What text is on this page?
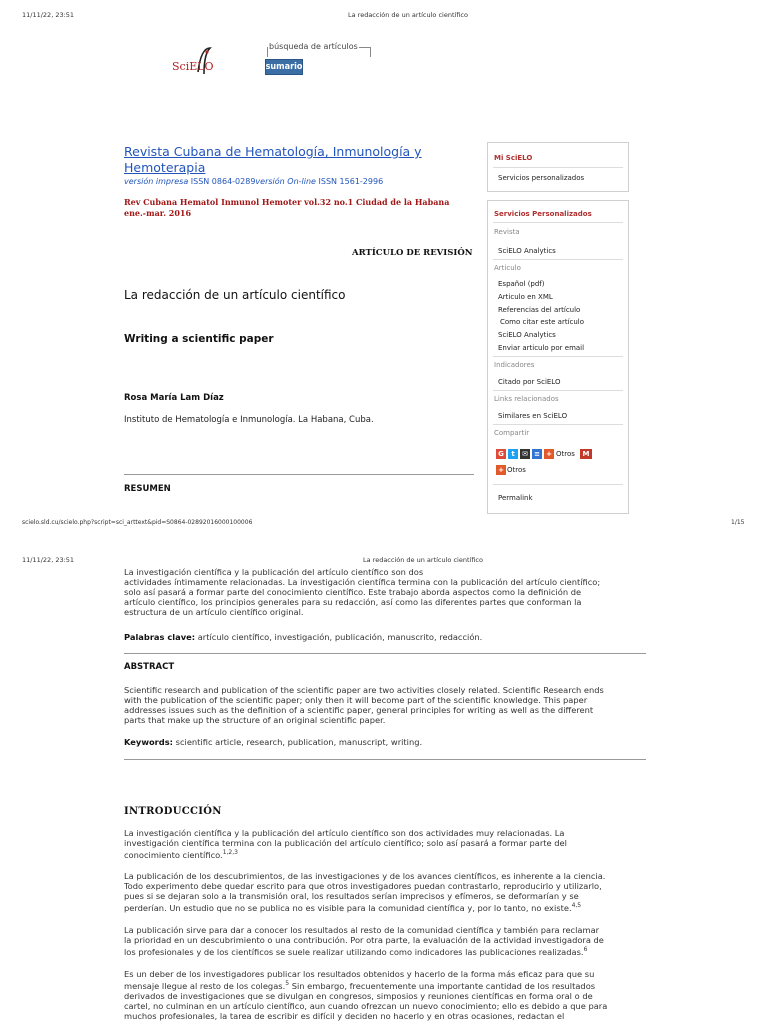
11/11/22, 23:51	La redacción de un artículo científico
SciELO
búsqueda de artículos
sumario
Revista Cubana de Hematología, Inmunología y Hemoterapia
versión impresa ISSN 0864-0289versión On-line ISSN 1561-2996
Rev Cubana Hematol Inmunol Hemoter vol.32 no.1 Ciudad de la Habana ene.-mar. 2016
ARTÍCULO DE REVISIÓN
La redacción de un artículo científico
Writing a scientific paper
Rosa María Lam Díaz
Instituto de Hematología e Inmunología. La Habana, Cuba.
RESUMEN
Mi SciELO
Servicios personalizados
Servicios Personalizados
Revista
SciELO Analytics
Articulo
Español (pdf)
Articulo en XML
Referencias del artículo
Como citar este artículo
SciELO Analytics
Enviar articulo por email
Indicadores
Citado por SciELO
Links relacionados
Similares en SciELO
Compartir
G	t	✉ ≡ + Otros	M
+ Otros
Permalink
scielo.sld.cu/scielo.php?script=sci_arttext&pid=S0864-02892016000100006	1/15
11/11/22, 23:51	La redacción de un artículo científico
La investigación científica y la publicación del artículo científico son dos
actividades íntimamente relacionadas. La investigación científica termina con la publicación del artículo científico;
solo así pasará a formar parte del conocimiento científico. Este trabajo aborda aspectos como la definición de
artículo científico, los principios generales para su redacción, así como las diferentes partes que conforman la
estructura de un artículo científico original.
Palabras clave: artículo científico, investigación, publicación, manuscrito, redacción.
ABSTRACT
Scientific research and publication of the scientific paper are two activities closely related. Scientific Research ends
with the publication of the scientific paper; only then it will become part of the scientific knowledge. This paper
addresses issues such as the definition of a scientific paper, general principles for writing as well as the different
parts that make up the structure of an original scientific paper.
Keywords: scientific article, research, publication, manuscript, writing.
INTRODUCCIÓN
La investigación científica y la publicación del artículo científico son dos actividades muy relacionadas. La
investigación científica termina con la publicación del artículo científico; solo así pasará a formar parte del
conocimiento científico.$^{1,2,3}$
La publicación de los descubrimientos, de las investigaciones y de los avances científicos, es inherente a la ciencia.
Todo experimento debe quedar escrito para que otros investigadores puedan contrastarlo, reproducirlo y utilizarlo,
pues si se dejaran solo a la transmisión oral, los resultados serían imprecisos y efímeros, se deformarían y se
perderían. Un estudio que no se publica no es visible para la comunidad científica y, por lo tanto, no existe.$^{4,5}$
La publicación sirve para dar a conocer los resultados al resto de la comunidad científica y también para reclamar
la prioridad en un descubrimiento o una contribución. Por otra parte, la evaluación de la actividad investigadora de
los profesionales y de los científicos se suele realizar utilizando como indicadores las publicaciones realizadas.$^6$
Es un deber de los investigadores publicar los resultados obtenidos y hacerlo de la forma más eficaz para que su
mensaje llegue al resto de los colegas.$^5$ Sin embargo, frecuentemente una importante cantidad de los resultados
derivados de investigaciones que se divulgan en congresos, simposios y reuniones científicas en forma oral o de
cartel, no culminan en un artículo científico, aun cuando ofrezcan un nuevo conocimiento; ello es debido a que para
muchos profesionales, la tarea de escribir es difícil y deciden no hacerlo y en otras ocasiones, redactan el
